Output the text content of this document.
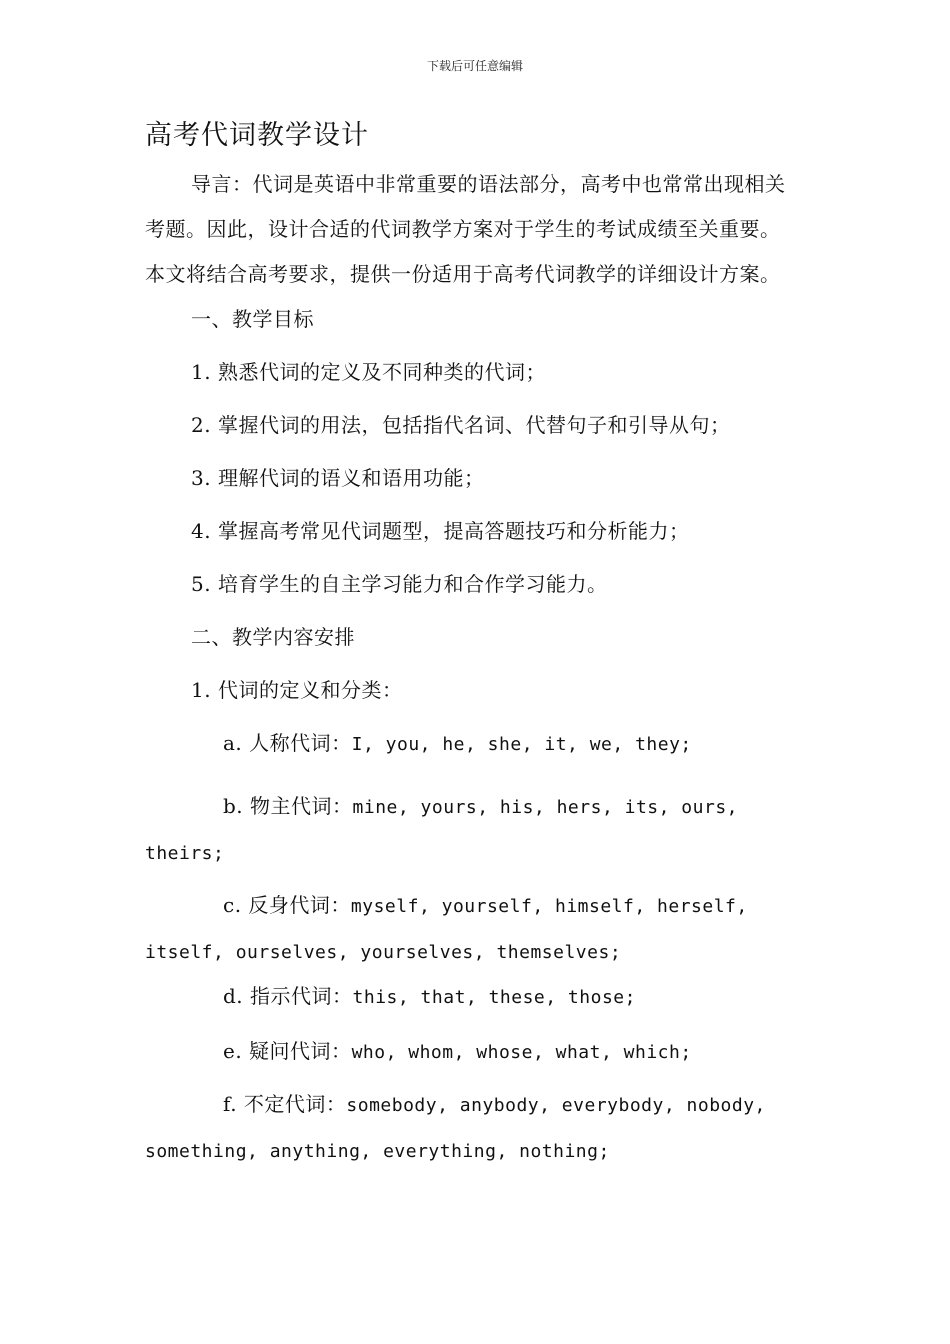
下载后可任意编辑
高考代词教学设计

导言：代词是英语中非常重要的语法部分，高考中也常常出现相关考题。因此，设计合适的代词教学方案对于学生的考试成绩至关重要。本文将结合高考要求，提供一份适用于高考代词教学的详细设计方案。

一、教学目标

1. 熟悉代词的定义及不同种类的代词；

2. 掌握代词的用法，包括指代名词、代替句子和引导从句；

3. 理解代词的语义和语用功能；

4. 掌握高考常见代词题型，提高答题技巧和分析能力；

5. 培育学生的自主学习能力和合作学习能力。

二、教学内容安排

1. 代词的定义和分类：

a. 人称代词：I, you, he, she, it, we, they;

b. 物主代词：mine, yours, his, hers, its, ours, theirs;

c. 反身代词：myself, yourself, himself, herself, itself, ourselves, yourselves, themselves;

d. 指示代词：this, that, these, those;

e. 疑问代词：who, whom, whose, what, which;

f. 不定代词：somebody, anybody, everybody, nobody, something, anything, everything, nothing;
